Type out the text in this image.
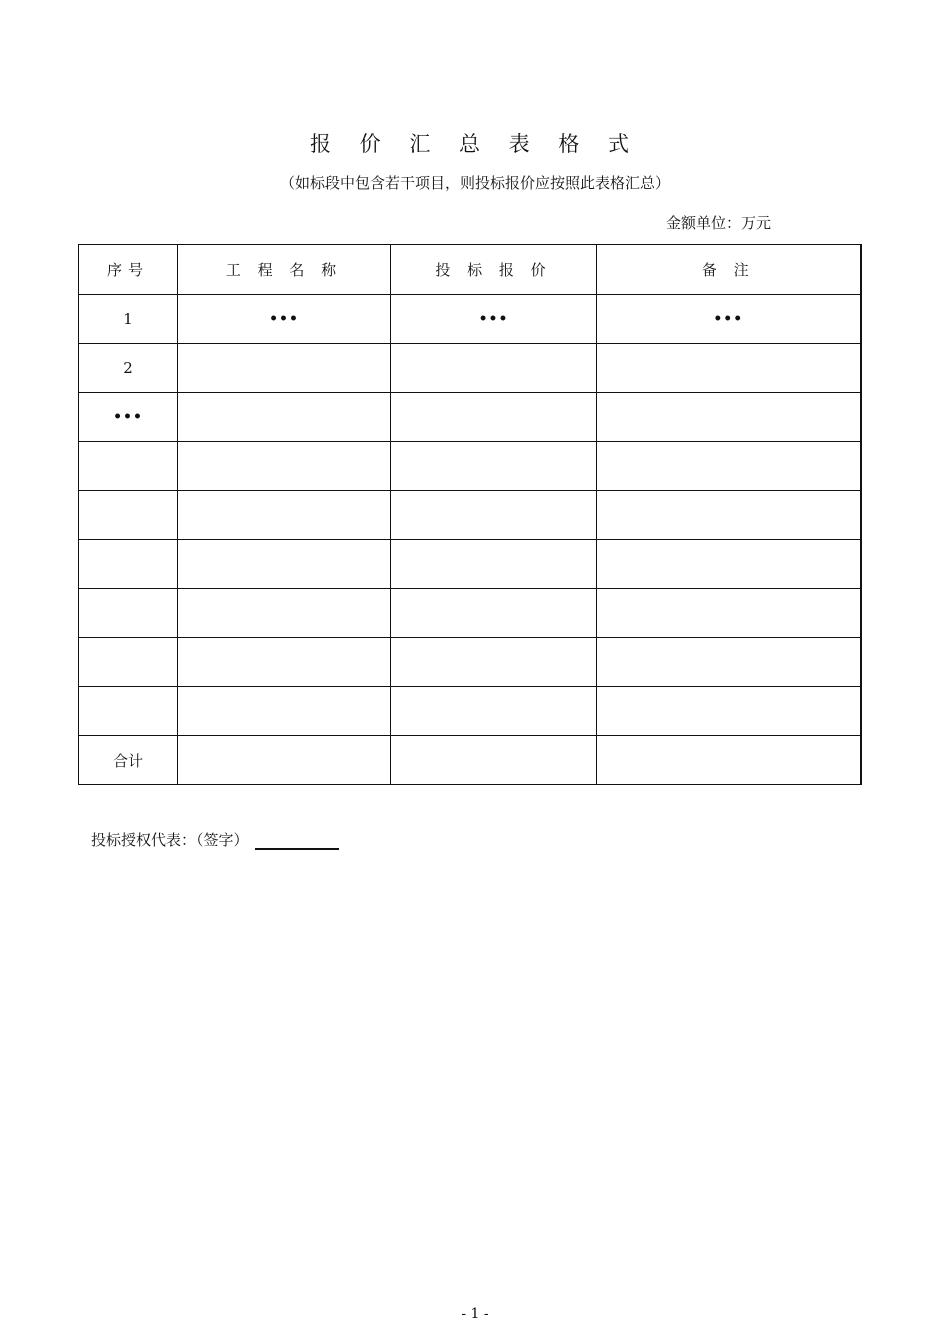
报 价 汇 总 表 格 式
（如标段中包含若干项目，则投标报价应按照此表格汇总）
金额单位：万元
序号	工 程 名 称	投 标 报 价	备 注
1	•••	•••	•••
2			
•••			

合计			
投标授权代表：（签字）
- 1 -
